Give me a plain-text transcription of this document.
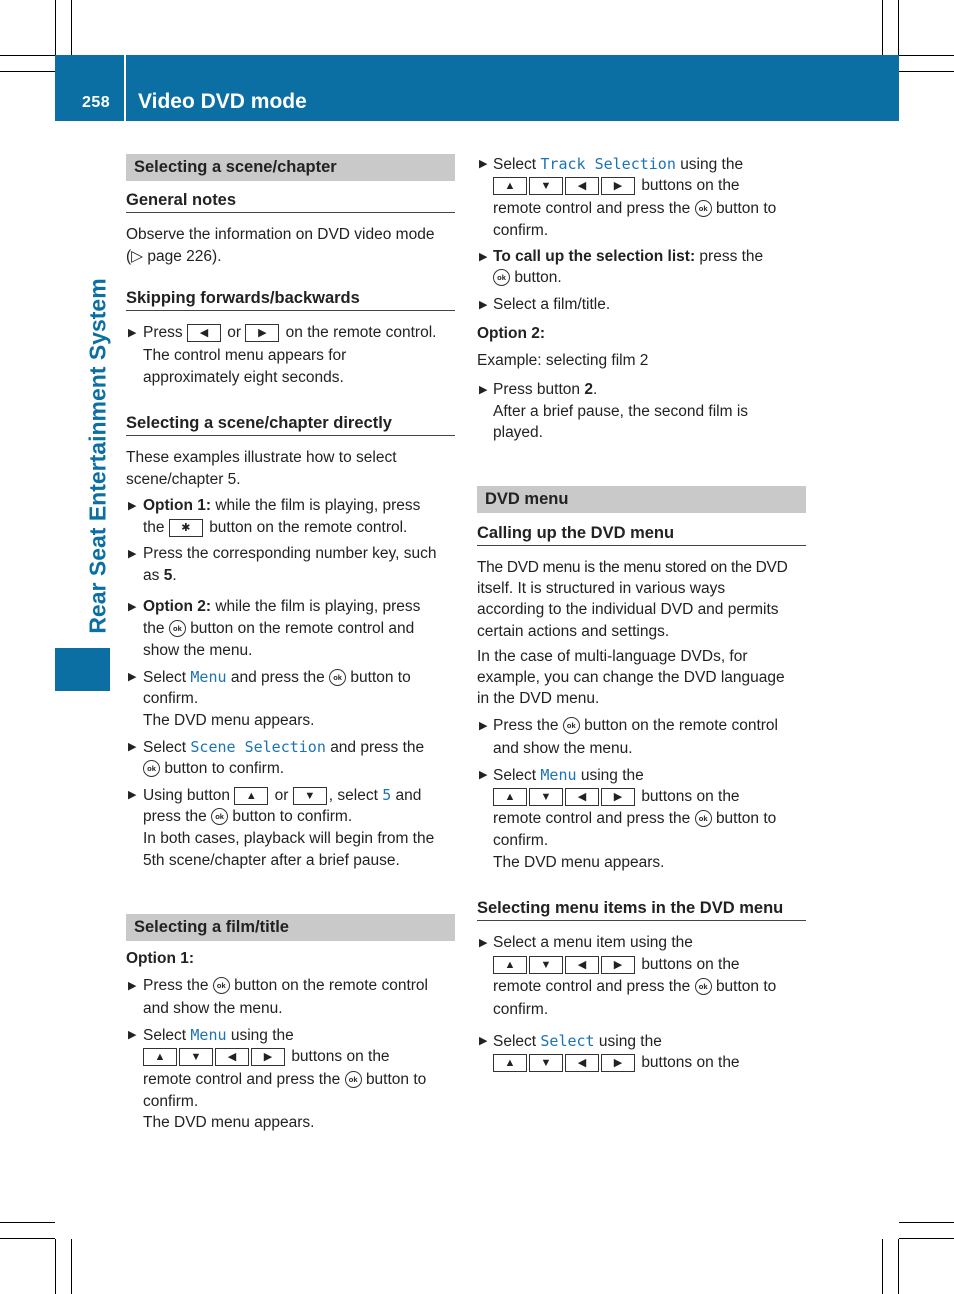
258 Video DVD mode
Rear Seat Entertainment System
Selecting a scene/chapter
General notes
Observe the information on DVD video mode
(▷ page 226).
Skipping forwards/backwards
▶ Press ◀ or ▶ on the remote control.
The control menu appears for
approximately eight seconds.
Selecting a scene/chapter directly
These examples illustrate how to select
scene/chapter 5.
▶ Option 1: while the film is playing, press
the ✱ button on the remote control.
▶ Press the corresponding number key, such
as 5.
▶ Option 2: while the film is playing, press
the ok button on the remote control and
show the menu.
▶ Select Menu and press the ok button to
confirm.
The DVD menu appears.
▶ Select Scene Selection and press the
ok button to confirm.
▶ Using button ▲ or ▼ , select 5 and
press the ok button to confirm.
In both cases, playback will begin from the
5th scene/chapter after a brief pause.
Selecting a film/title
Option 1:
▶ Press the ok button on the remote control
and show the menu.
▶ Select Menu using the
▲ ▼ ◀	▶ buttons on the
remote control and press the ok button to
confirm.
The DVD menu appears.
▶ Select Track Selection using the
▲ ▼ ◀	▶ buttons on the
remote control and press the ok button to
confirm.
▶ To call up the selection list: press the
ok button.
▶ Select a film/title.
Option 2:
Example: selecting film 2
▶ Press button 2.
After a brief pause, the second film is
played.
DVD menu
Calling up the DVD menu
The DVD menu is the menu stored on the DVD
itself. It is structured in various ways
according to the individual DVD and permits
certain actions and settings.
In the case of multi-language DVDs, for
example, you can change the DVD language
in the DVD menu.
▶ Press the ok button on the remote control
and show the menu.
▶ Select Menu using the
▲ ▼ ◀	▶ buttons on the
remote control and press the ok button to
confirm.
The DVD menu appears.
Selecting menu items in the DVD menu
▶ Select a menu item using the
▲ ▼ ◀	▶ buttons on the
remote control and press the ok button to
confirm.
▶ Select Select using the
▲ ▼ ◀	▶ buttons on the
